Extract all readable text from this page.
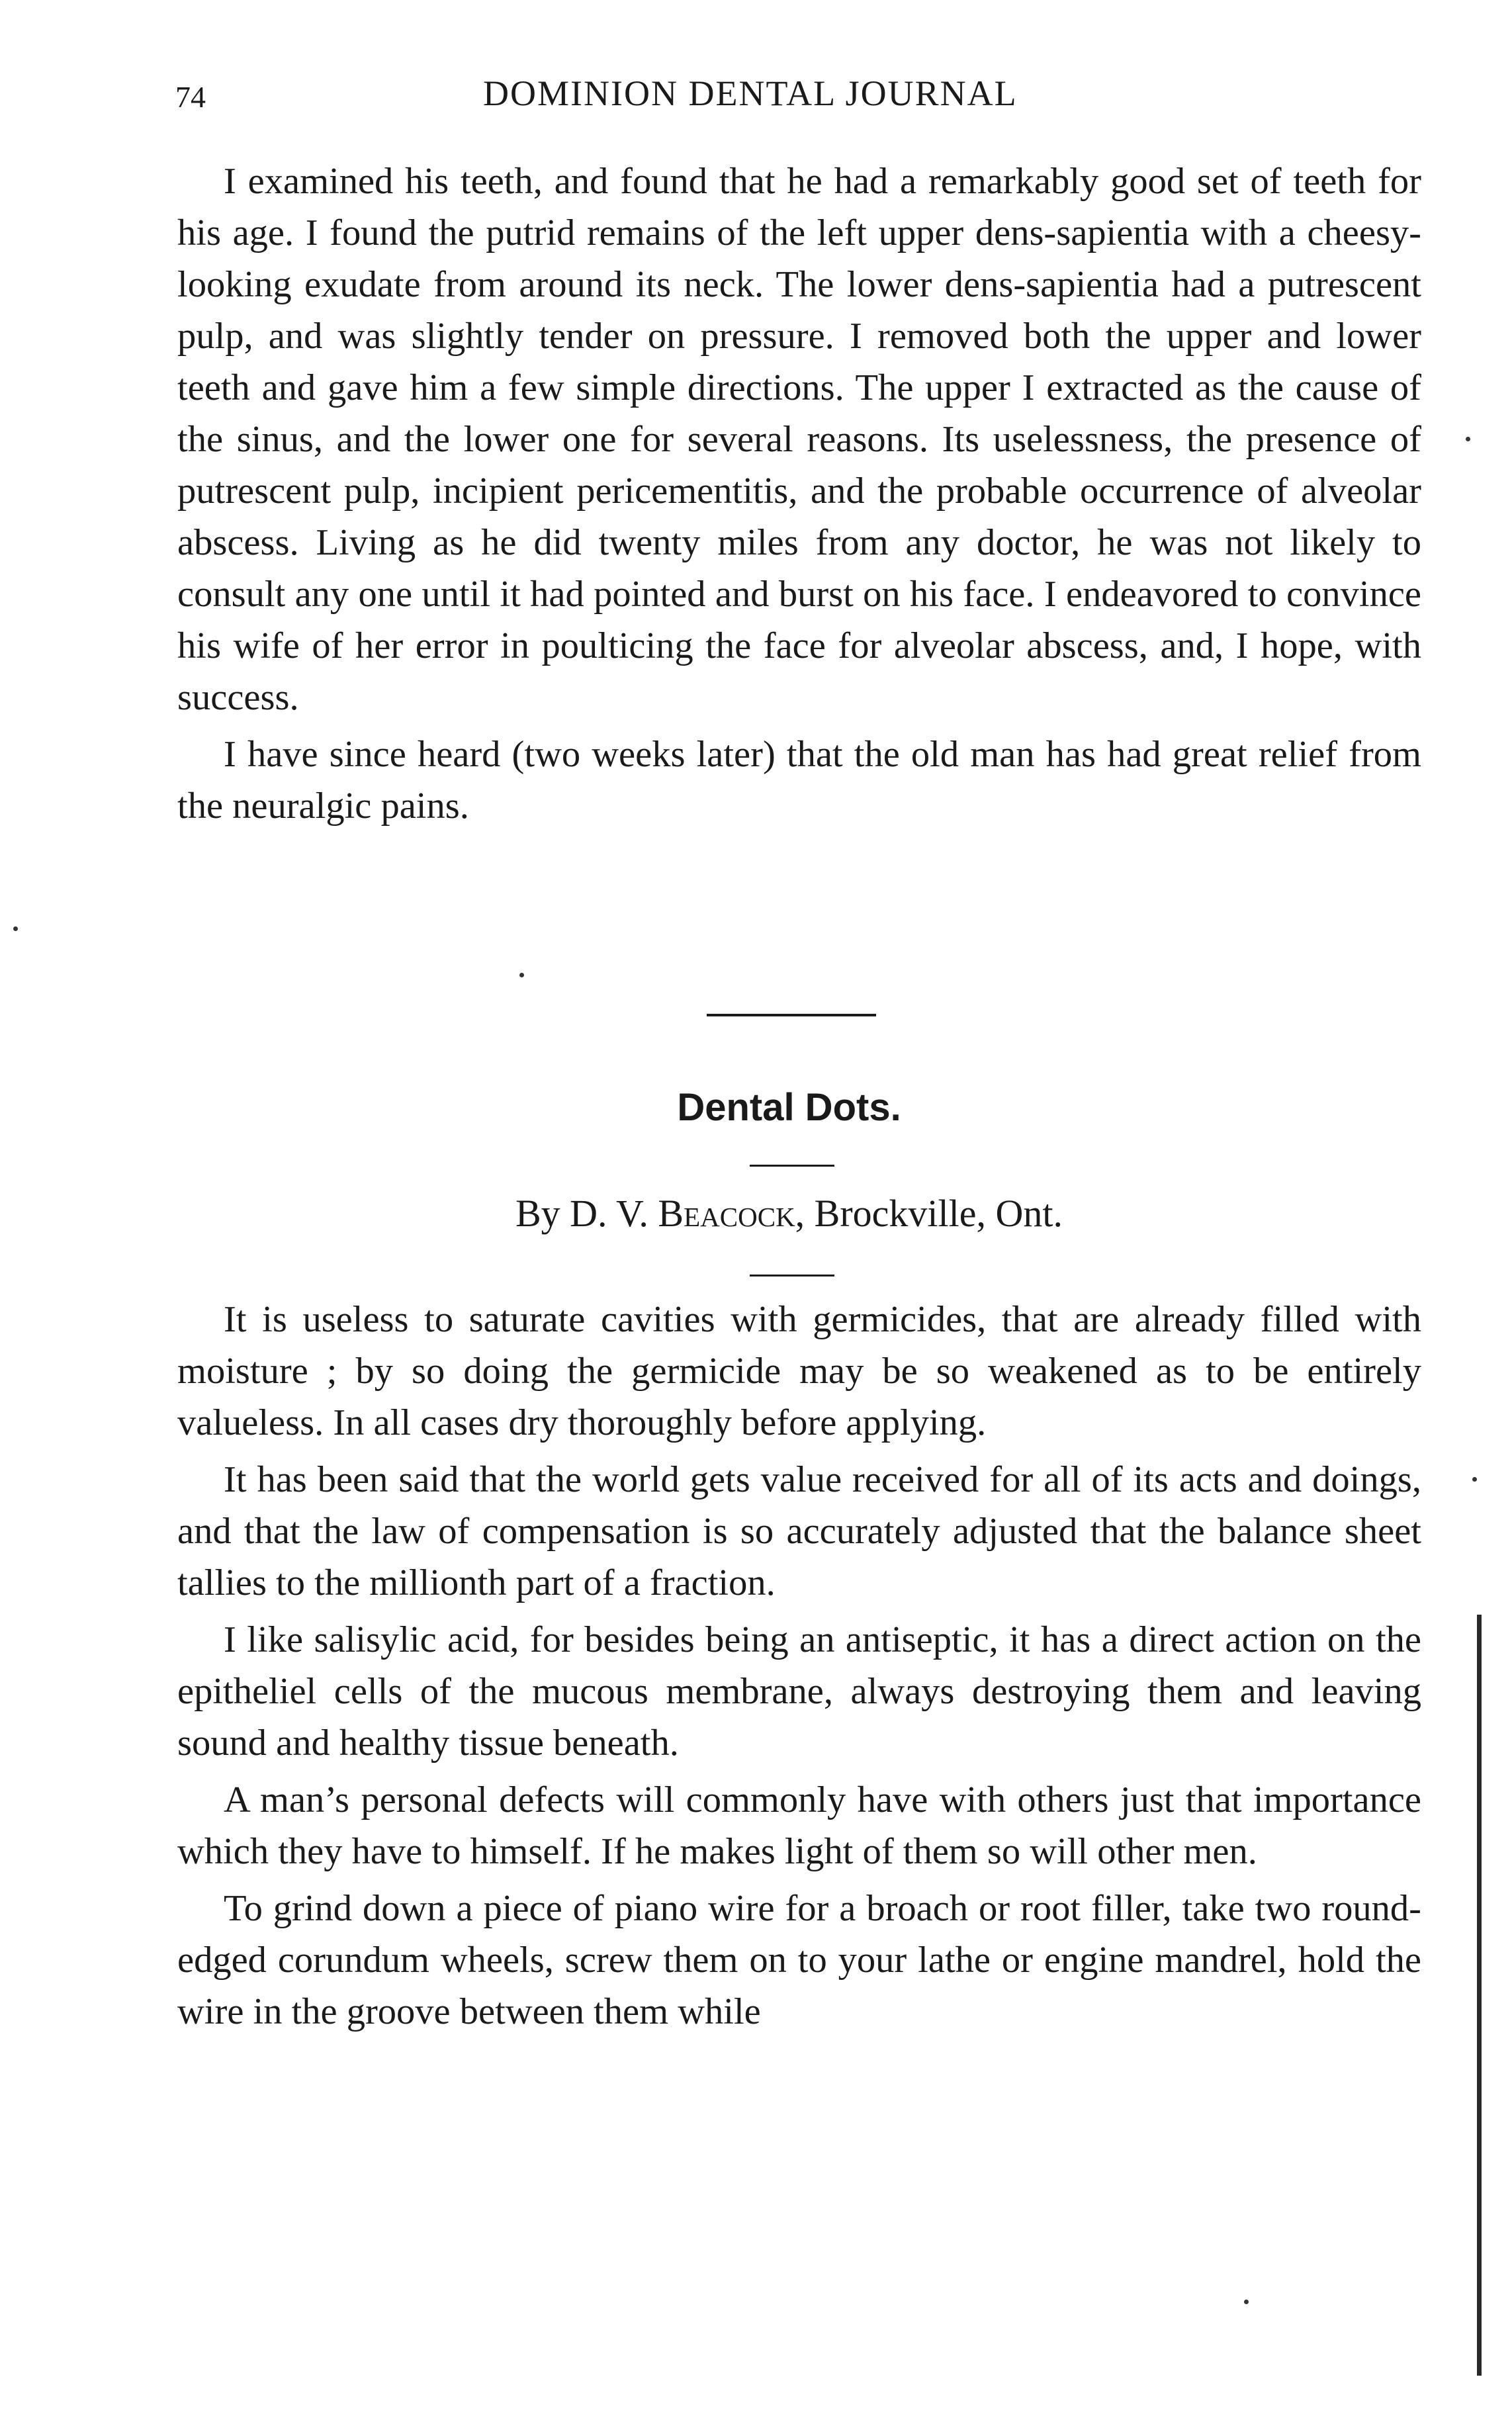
74	DOMINION DENTAL JOURNAL

I examined his teeth, and found that he had a remarkably good set of teeth for his age. I found the putrid remains of the left upper dens-sapientia with a cheesy-looking exudate from around its neck. The lower dens-sapientia had a putrescent pulp, and was slightly tender on pressure. I removed both the upper and lower teeth and gave him a few simple directions. The upper I extracted as the cause of the sinus, and the lower one for several reasons. Its uselessness, the presence of putrescent pulp, incipient pericementitis, and the probable occurrence of alveolar abscess. Living as he did twenty miles from any doctor, he was not likely to consult any one until it had pointed and burst on his face. I endeavored to convince his wife of her error in poulticing the face for alveolar abscess, and, I hope, with success.

I have since heard (two weeks later) that the old man has had great relief from the neuralgic pains.

Dental Dots.
By D. V. Beacock, Brockville, Ont.

It is useless to saturate cavities with germicides, that are already filled with moisture ; by so doing the germicide may be so weakened as to be entirely valueless. In all cases dry thoroughly before applying.

It has been said that the world gets value received for all of its acts and doings, and that the law of compensation is so accurately adjusted that the balance sheet tallies to the millionth part of a fraction.

I like salisylic acid, for besides being an antiseptic, it has a direct action on the epitheliel cells of the mucous membrane, always destroying them and leaving sound and healthy tissue beneath.

A man’s personal defects will commonly have with others just that importance which they have to himself. If he makes light of them so will other men.

To grind down a piece of piano wire for a broach or root filler, take two round-edged corundum wheels, screw them on to your lathe or engine mandrel, hold the wire in the groove between them while
